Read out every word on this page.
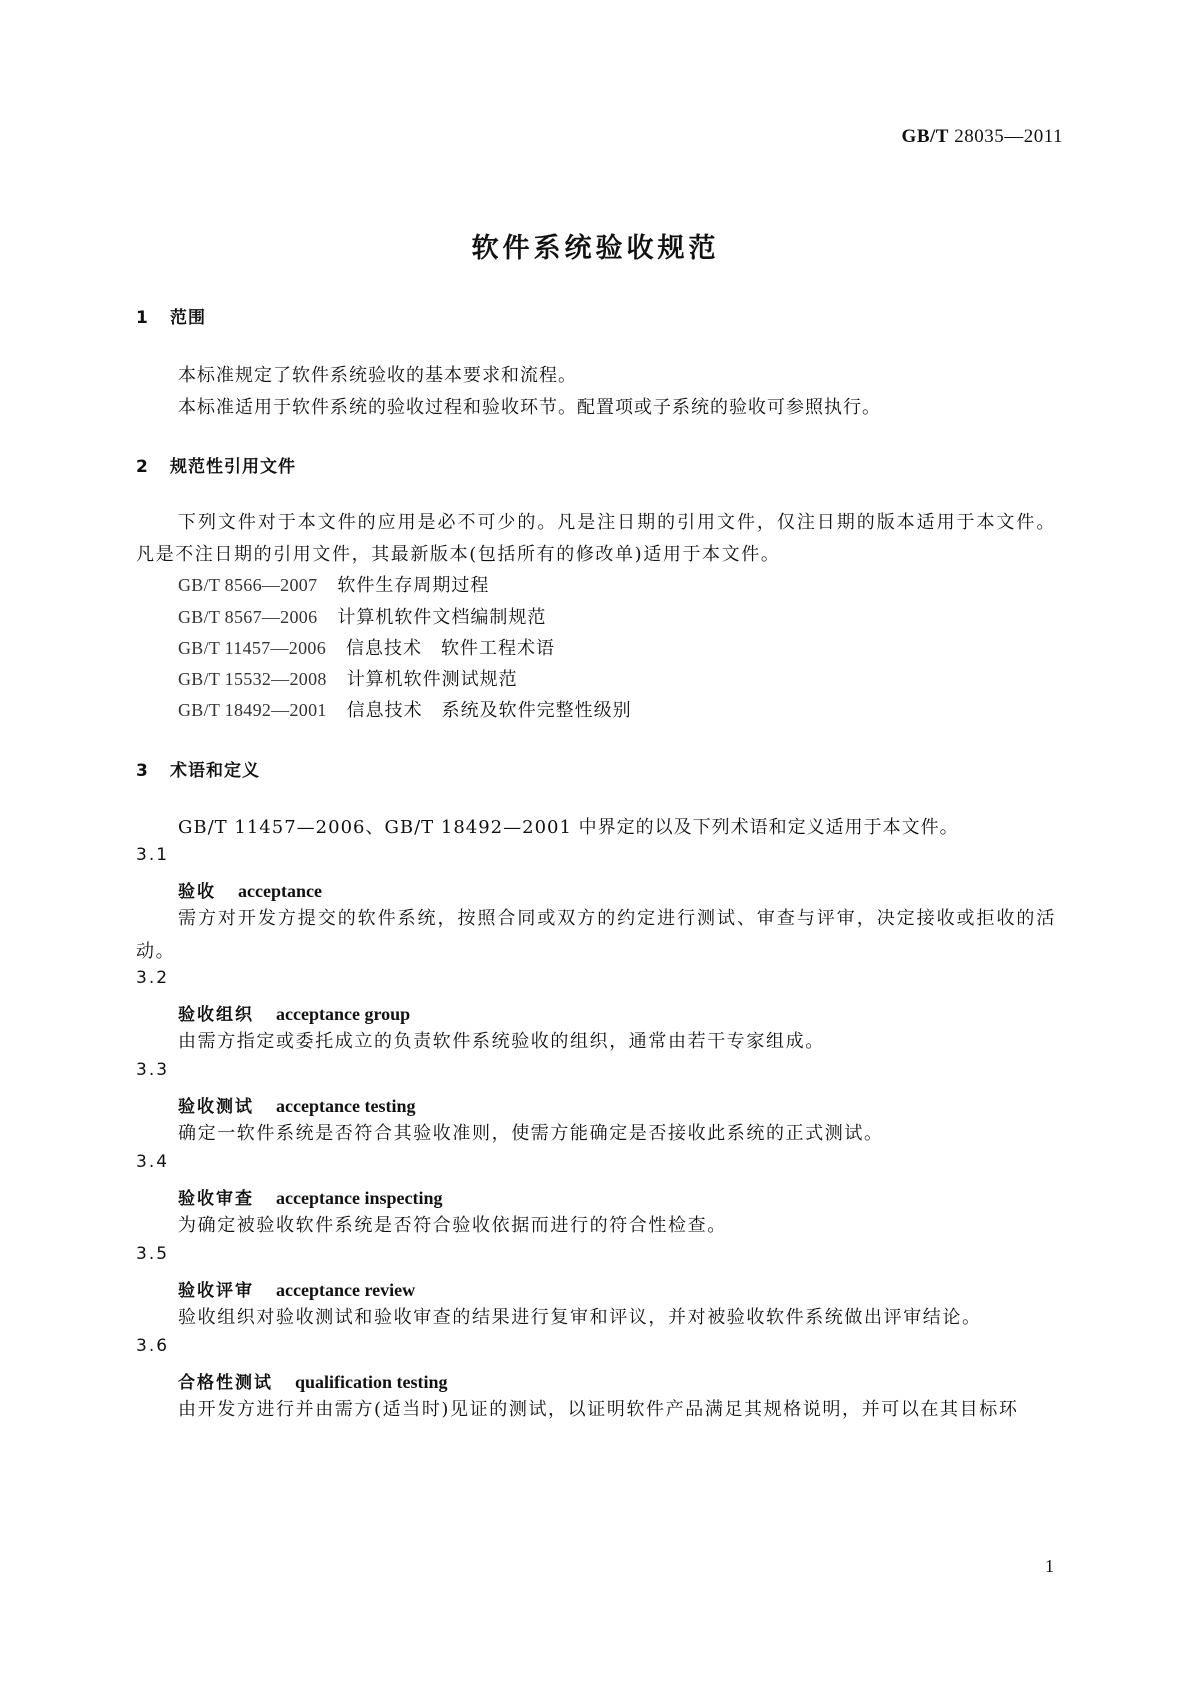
GB/T 28035—2011
软件系统验收规范
1 范围
本标准规定了软件系统验收的基本要求和流程。
本标准适用于软件系统的验收过程和验收环节。配置项或子系统的验收可参照执行。
2 规范性引用文件
下列文件对于本文件的应用是必不可少的。凡是注日期的引用文件，仅注日期的版本适用于本文件。凡是不注日期的引用文件，其最新版本(包括所有的修改单)适用于本文件。
GB/T 8566—2007 软件生存周期过程
GB/T 8567—2006 计算机软件文档编制规范
GB/T 11457—2006 信息技术　软件工程术语
GB/T 15532—2008 计算机软件测试规范
GB/T 18492—2001 信息技术　系统及软件完整性级别
3 术语和定义
GB/T 11457—2006、GB/T 18492—2001 中界定的以及下列术语和定义适用于本文件。
3.1
验收 acceptance
需方对开发方提交的软件系统，按照合同或双方的约定进行测试、审查与评审，决定接收或拒收的活动。
3.2
验收组织 acceptance group
由需方指定或委托成立的负责软件系统验收的组织，通常由若干专家组成。
3.3
验收测试 acceptance testing
确定一软件系统是否符合其验收准则，使需方能确定是否接收此系统的正式测试。
3.4
验收审查 acceptance inspecting
为确定被验收软件系统是否符合验收依据而进行的符合性检查。
3.5
验收评审 acceptance review
验收组织对验收测试和验收审查的结果进行复审和评议，并对被验收软件系统做出评审结论。
3.6
合格性测试 qualification testing
由开发方进行并由需方(适当时)见证的测试，以证明软件产品满足其规格说明，并可以在其目标环
1
